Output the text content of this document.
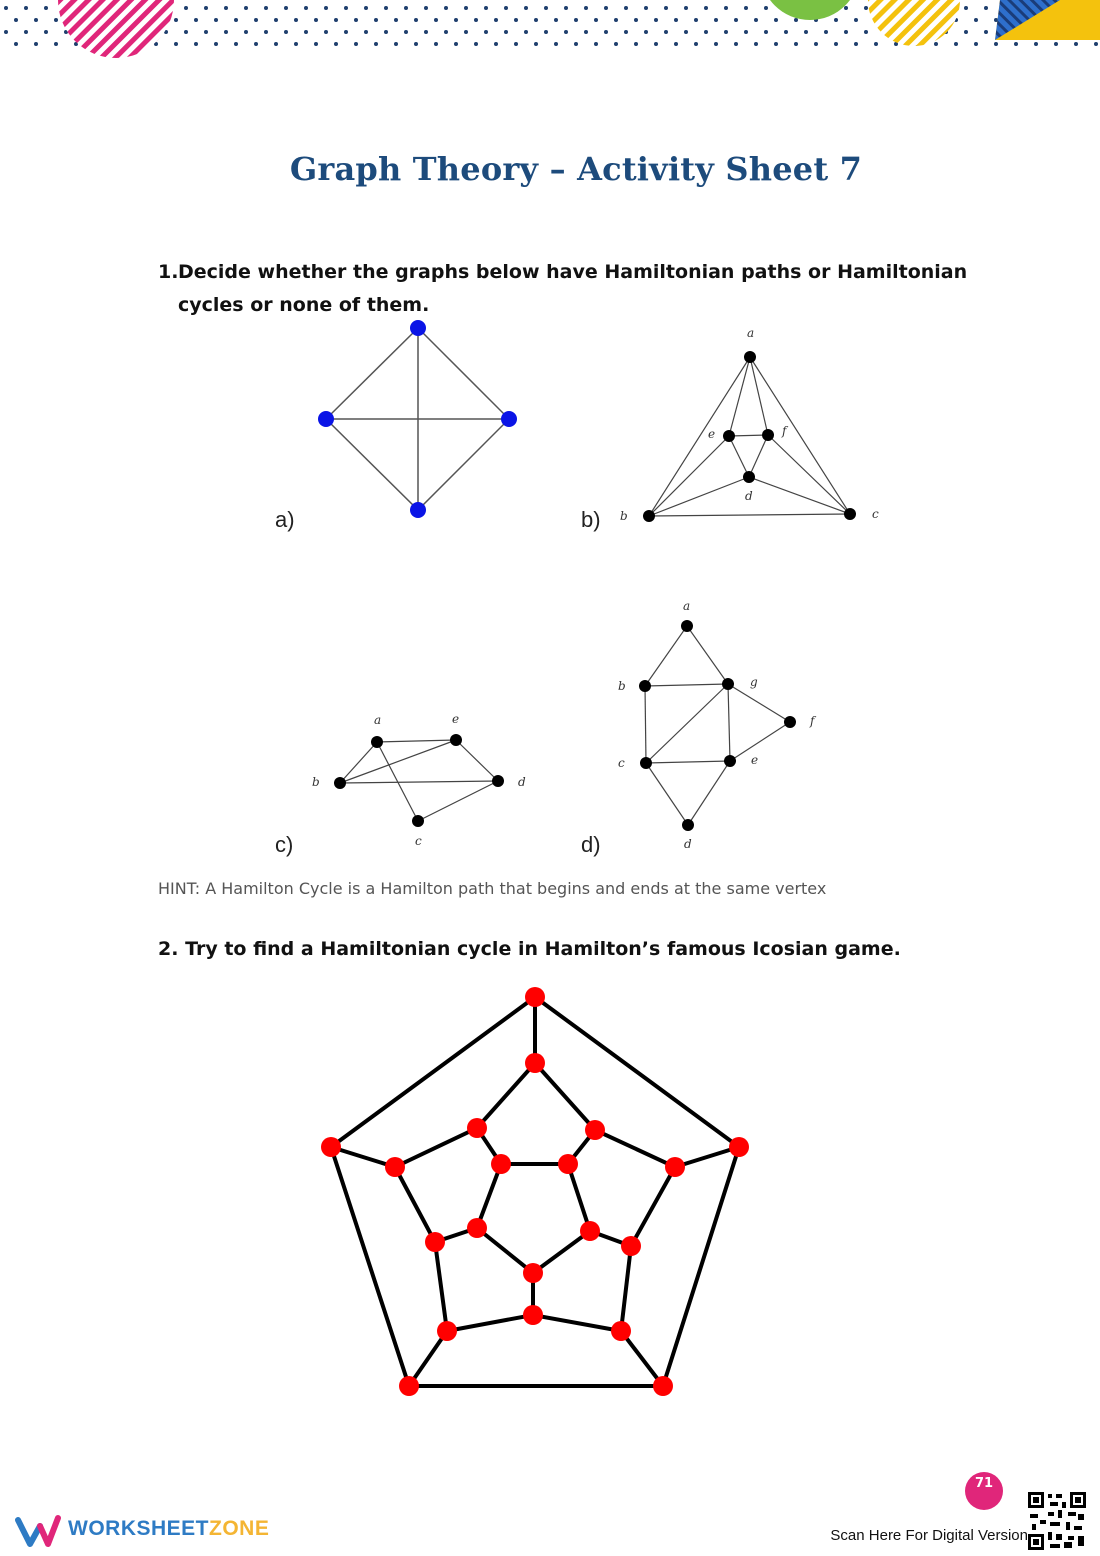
Graph Theory – Activity Sheet 7
1. Decide whether the graphs below have Hamiltonian paths or Hamiltonian cycles or none of them.
a)
a
e	f
d
b	c
b)
a	e
b	d
c
c)
a
b	g
f
c	e
d
d)
HINT: A Hamilton Cycle is a Hamilton path that begins and ends at the same vertex
2. Try to find a Hamiltonian cycle in Hamilton’s famous Icosian game.
WORKSHEETZONE
71
Scan Here For Digital Version
